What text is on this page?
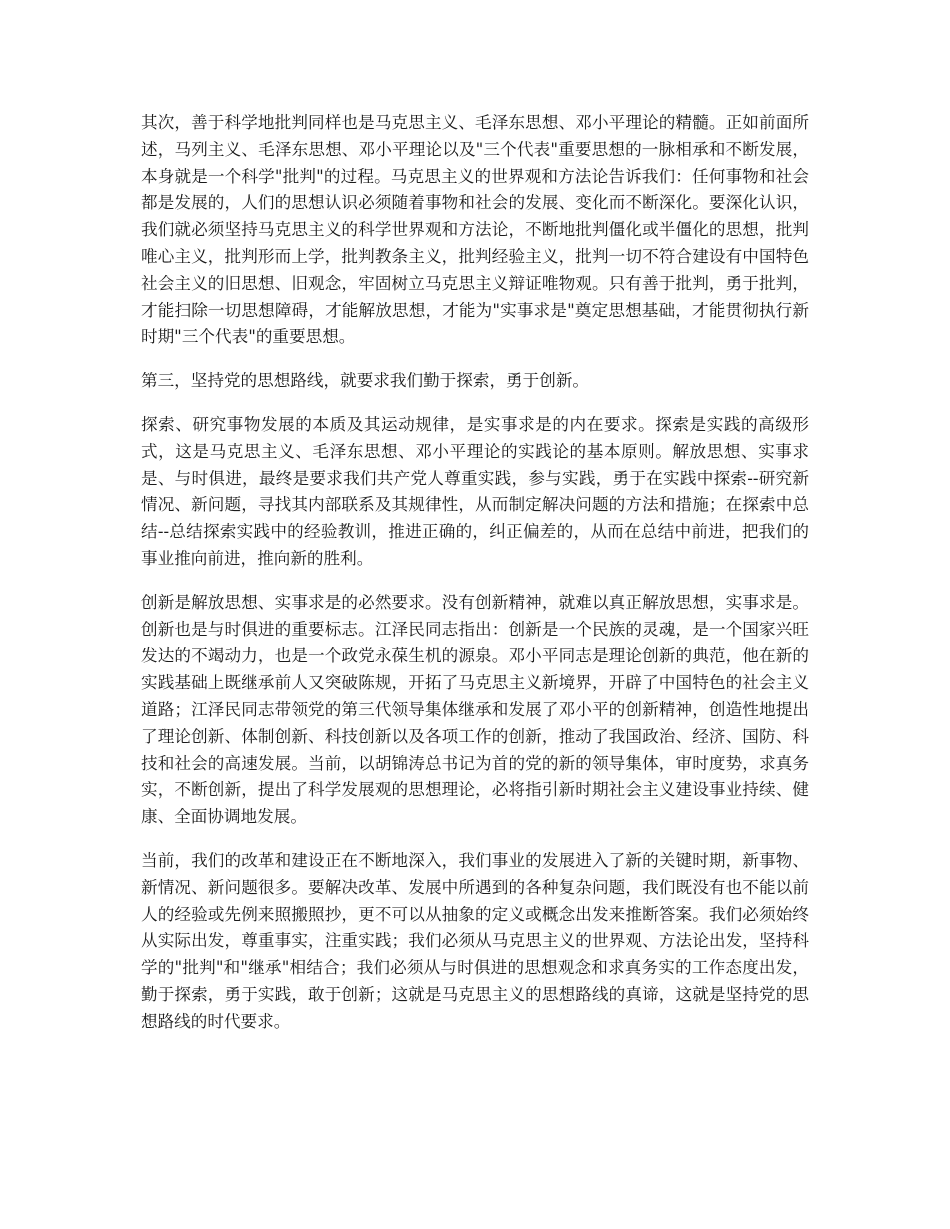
其次，善于科学地批判同样也是马克思主义、毛泽东思想、邓小平理论的精髓。正如前面所述，马列主义、毛泽东思想、邓小平理论以及"三个代表"重要思想的一脉相承和不断发展，本身就是一个科学"批判"的过程。马克思主义的世界观和方法论告诉我们：任何事物和社会都是发展的，人们的思想认识必须随着事物和社会的发展、变化而不断深化。要深化认识，我们就必须坚持马克思主义的科学世界观和方法论，不断地批判僵化或半僵化的思想，批判唯心主义，批判形而上学，批判教条主义，批判经验主义，批判一切不符合建设有中国特色社会主义的旧思想、旧观念，牢固树立马克思主义辩证唯物观。只有善于批判，勇于批判，才能扫除一切思想障碍，才能解放思想，才能为"实事求是"奠定思想基础，才能贯彻执行新时期"三个代表"的重要思想。

第三，坚持党的思想路线，就要求我们勤于探索，勇于创新。

探索、研究事物发展的本质及其运动规律，是实事求是的内在要求。探索是实践的高级形式，这是马克思主义、毛泽东思想、邓小平理论的实践论的基本原则。解放思想、实事求是、与时俱进，最终是要求我们共产党人尊重实践，参与实践，勇于在实践中探索--研究新情况、新问题，寻找其内部联系及其规律性，从而制定解决问题的方法和措施；在探索中总结--总结探索实践中的经验教训，推进正确的，纠正偏差的，从而在总结中前进，把我们的事业推向前进，推向新的胜利。

创新是解放思想、实事求是的必然要求。没有创新精神，就难以真正解放思想，实事求是。创新也是与时俱进的重要标志。江泽民同志指出：创新是一个民族的灵魂，是一个国家兴旺发达的不竭动力，也是一个政党永葆生机的源泉。邓小平同志是理论创新的典范，他在新的实践基础上既继承前人又突破陈规，开拓了马克思主义新境界，开辟了中国特色的社会主义道路；江泽民同志带领党的第三代领导集体继承和发展了邓小平的创新精神，创造性地提出了理论创新、体制创新、科技创新以及各项工作的创新，推动了我国政治、经济、国防、科技和社会的高速发展。当前，以胡锦涛总书记为首的党的新的领导集体，审时度势，求真务实，不断创新，提出了科学发展观的思想理论，必将指引新时期社会主义建设事业持续、健康、全面协调地发展。

当前，我们的改革和建设正在不断地深入，我们事业的发展进入了新的关键时期，新事物、新情况、新问题很多。要解决改革、发展中所遇到的各种复杂问题，我们既没有也不能以前人的经验或先例来照搬照抄，更不可以从抽象的定义或概念出发来推断答案。我们必须始终从实际出发，尊重事实，注重实践；我们必须从马克思主义的世界观、方法论出发，坚持科学的"批判"和"继承"相结合；我们必须从与时俱进的思想观念和求真务实的工作态度出发，勤于探索，勇于实践，敢于创新；这就是马克思主义的思想路线的真谛，这就是坚持党的思想路线的时代要求。
